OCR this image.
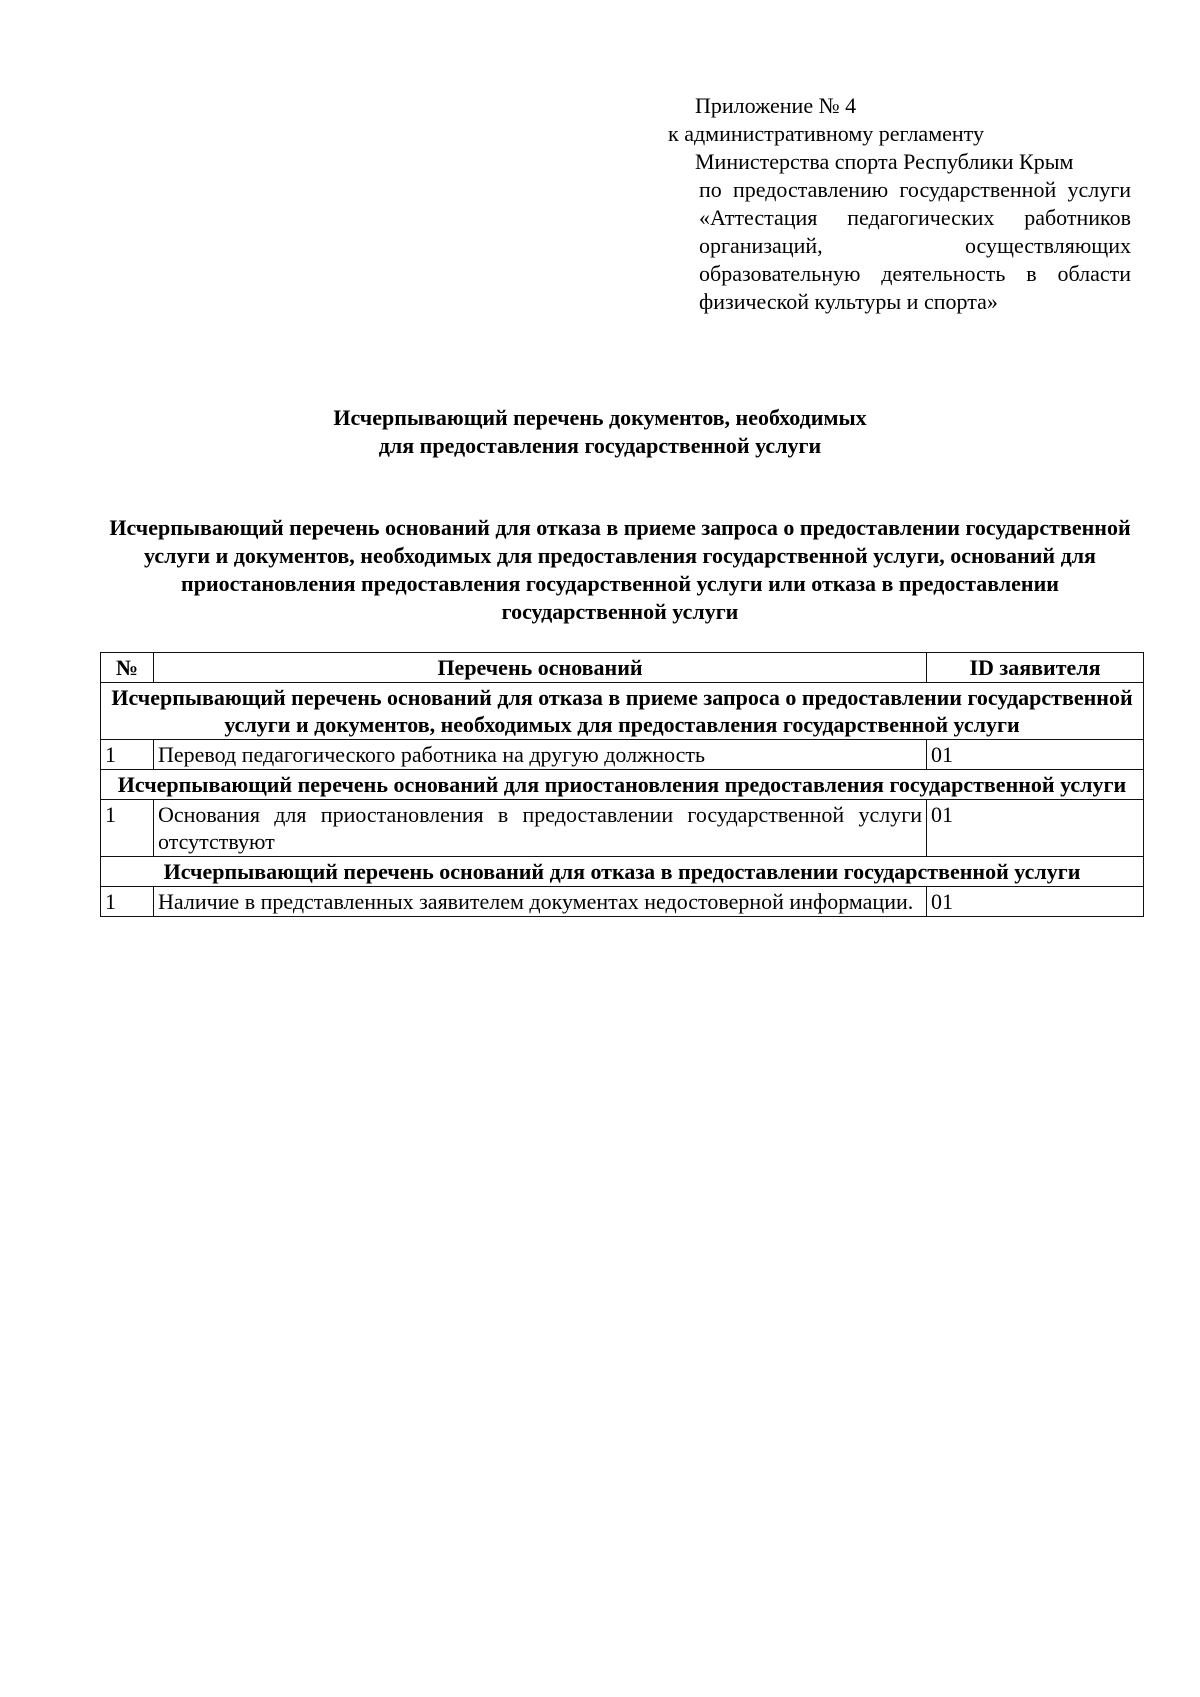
Приложение № 4
к административному регламенту
Министерства спорта Республики Крым
по предоставлению государственной услуги «Аттестация педагогических работников организаций, осуществляющих образовательную деятельность в области физической культуры и спорта»
Исчерпывающий перечень документов, необходимых
для предоставления государственной услуги
Исчерпывающий перечень оснований для отказа в приеме запроса о предоставлении государственной услуги и документов, необходимых для предоставления государственной услуги, оснований для приостановления предоставления государственной услуги или отказа в предоставлении государственной услуги
№	Перечень оснований	ID заявителя
Исчерпывающий перечень оснований для отказа в приеме запроса о предоставлении государственной услуги и документов, необходимых для предоставления государственной услуги		
1	Перевод педагогического работника на другую должность	01
Исчерпывающий перечень оснований для приостановления предоставления государственной услуги		
1	Основания для приостановления в предоставлении государственной услуги отсутствуют	01
Исчерпывающий перечень оснований для отказа в предоставлении государственной услуги		
1	Наличие в представленных заявителем документах недостоверной информации.	01
